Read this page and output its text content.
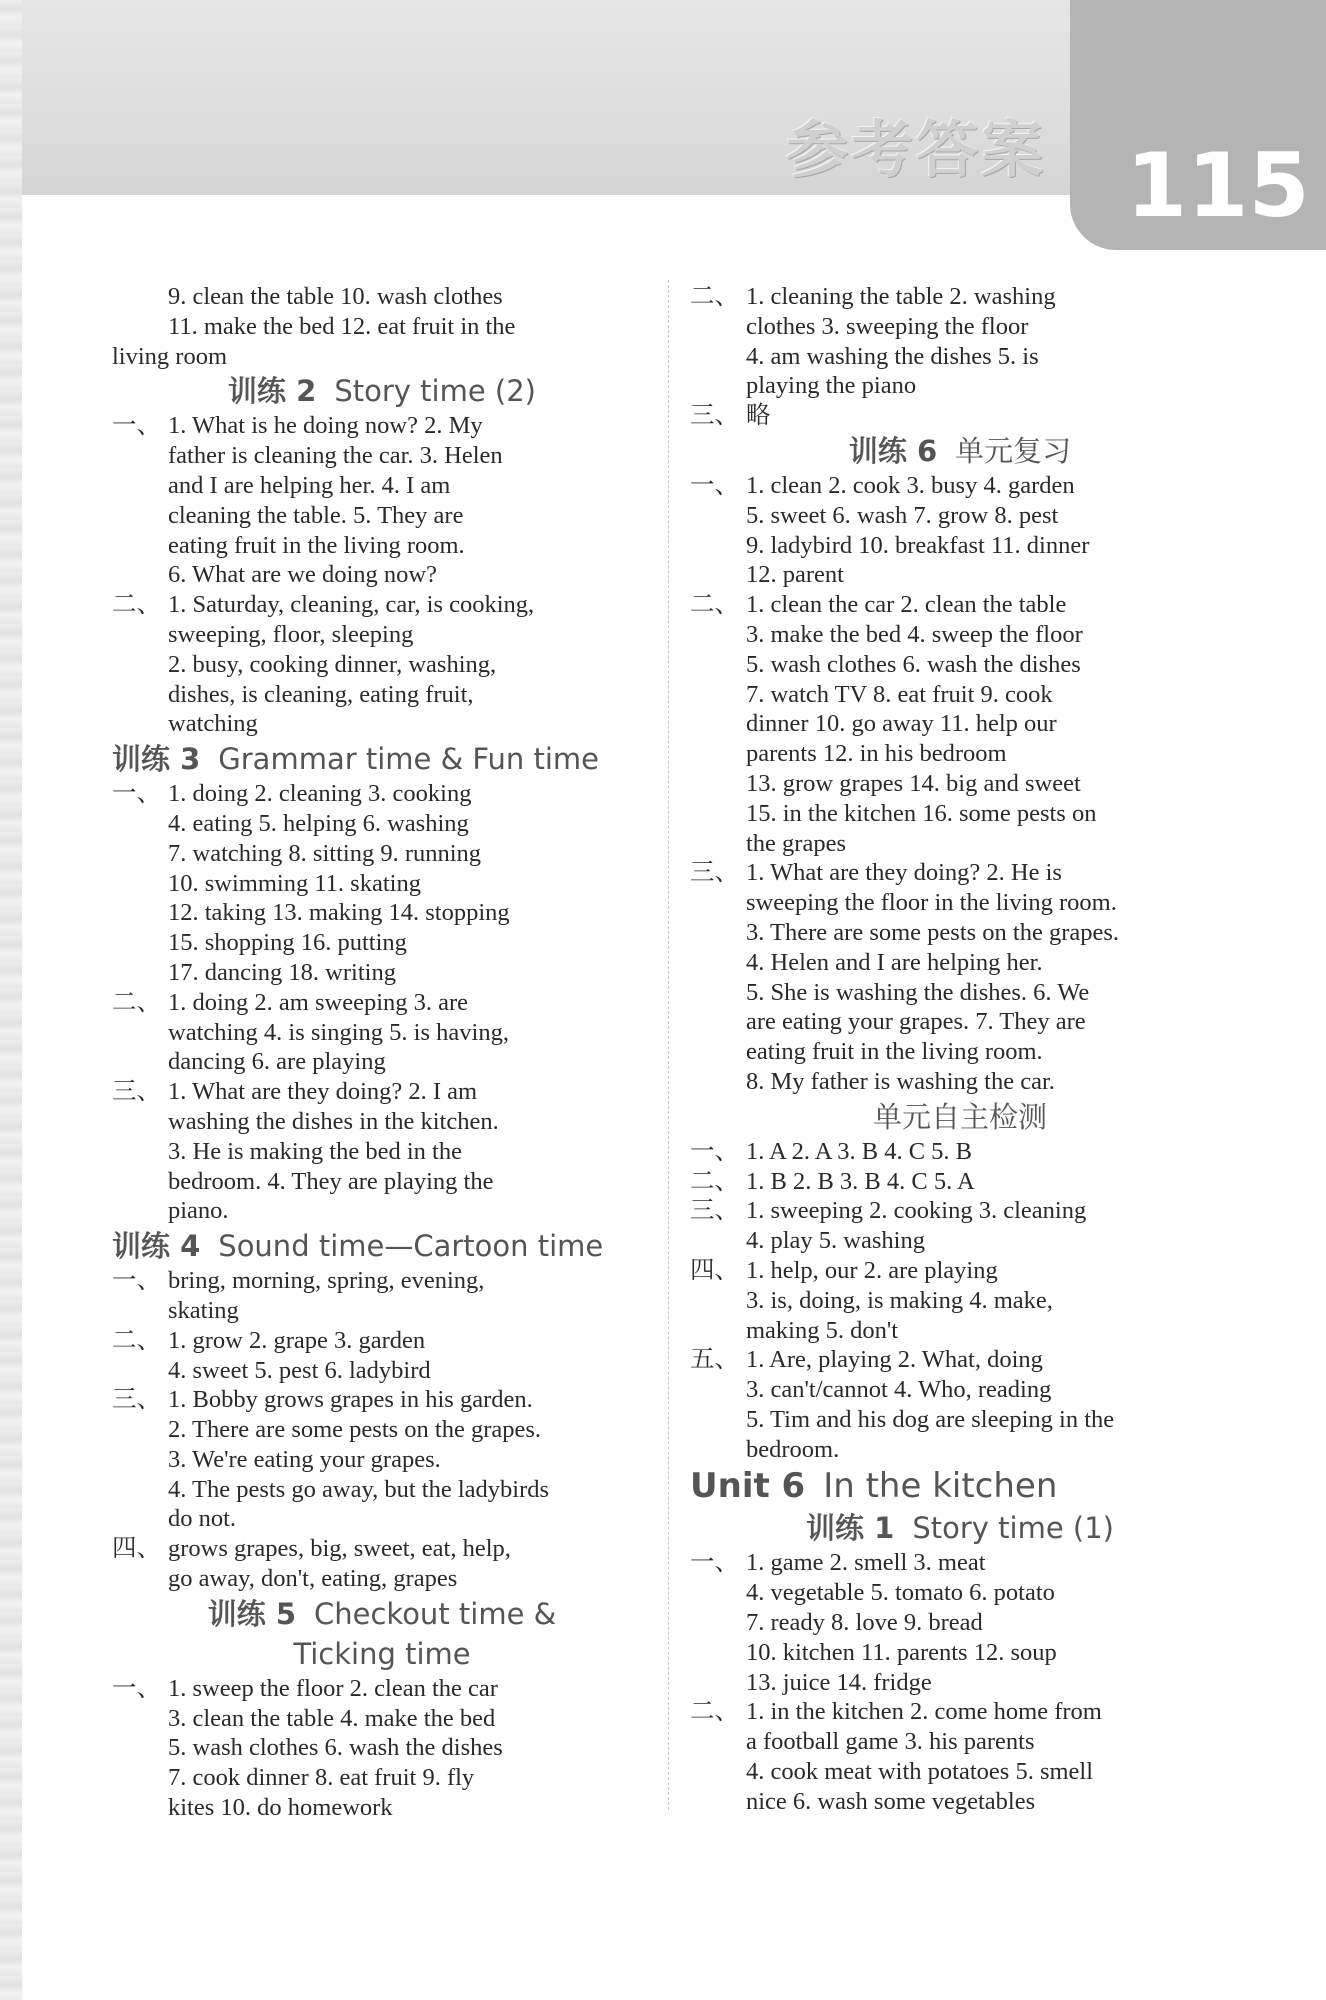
参考答案 115
9. clean the table 10. wash clothes
11. make the bed 12. eat fruit in the
living room
训练 2 Story time (2)
一、 1. What is he doing now? 2. My
father is cleaning the car. 3. Helen
and I are helping her. 4. I am
cleaning the table. 5. They are
eating fruit in the living room.
6. What are we doing now?
二、 1. Saturday, cleaning, car, is cooking,
sweeping, floor, sleeping
2. busy, cooking dinner, washing,
dishes, is cleaning, eating fruit,
watching
训练 3 Grammar time & Fun time
一、 1. doing 2. cleaning 3. cooking
4. eating 5. helping 6. washing
7. watching 8. sitting 9. running
10. swimming 11. skating
12. taking 13. making 14. stopping
15. shopping 16. putting
17. dancing 18. writing
二、 1. doing 2. am sweeping 3. are
watching 4. is singing 5. is having,
dancing 6. are playing
三、 1. What are they doing? 2. I am
washing the dishes in the kitchen.
3. He is making the bed in the
bedroom. 4. They are playing the
piano.
训练 4 Sound time—Cartoon time
一、 bring, morning, spring, evening,
skating
二、 1. grow 2. grape 3. garden
4. sweet 5. pest 6. ladybird
三、 1. Bobby grows grapes in his garden.
2. There are some pests on the grapes.
3. We're eating your grapes.
4. The pests go away, but the ladybirds
do not.
四、 grows grapes, big, sweet, eat, help,
go away, don't, eating, grapes
训练 5 Checkout time &
Ticking time
一、 1. sweep the floor 2. clean the car
3. clean the table 4. make the bed
5. wash clothes 6. wash the dishes
7. cook dinner 8. eat fruit 9. fly
kites 10. do homework
二、 1. cleaning the table 2. washing
clothes 3. sweeping the floor
4. am washing the dishes 5. is
playing the piano
三、 略
训练 6 单元复习
一、 1. clean 2. cook 3. busy 4. garden
5. sweet 6. wash 7. grow 8. pest
9. ladybird 10. breakfast 11. dinner
12. parent
二、 1. clean the car 2. clean the table
3. make the bed 4. sweep the floor
5. wash clothes 6. wash the dishes
7. watch TV 8. eat fruit 9. cook
dinner 10. go away 11. help our
parents 12. in his bedroom
13. grow grapes 14. big and sweet
15. in the kitchen 16. some pests on
the grapes
三、 1. What are they doing? 2. He is
sweeping the floor in the living room.
3. There are some pests on the grapes.
4. Helen and I are helping her.
5. She is washing the dishes. 6. We
are eating your grapes. 7. They are
eating fruit in the living room.
8. My father is washing the car.
单元自主检测
一、 1. A 2. A 3. B 4. C 5. B
二、 1. B 2. B 3. B 4. C 5. A
三、 1. sweeping 2. cooking 3. cleaning
4. play 5. washing
四、 1. help, our 2. are playing
3. is, doing, is making 4. make,
making 5. don't
五、 1. Are, playing 2. What, doing
3. can't/cannot 4. Who, reading
5. Tim and his dog are sleeping in the
bedroom.
Unit 6 In the kitchen
训练 1 Story time (1)
一、 1. game 2. smell 3. meat
4. vegetable 5. tomato 6. potato
7. ready 8. love 9. bread
10. kitchen 11. parents 12. soup
13. juice 14. fridge
二、 1. in the kitchen 2. come home from
a football game 3. his parents
4. cook meat with potatoes 5. smell
nice 6. wash some vegetables
